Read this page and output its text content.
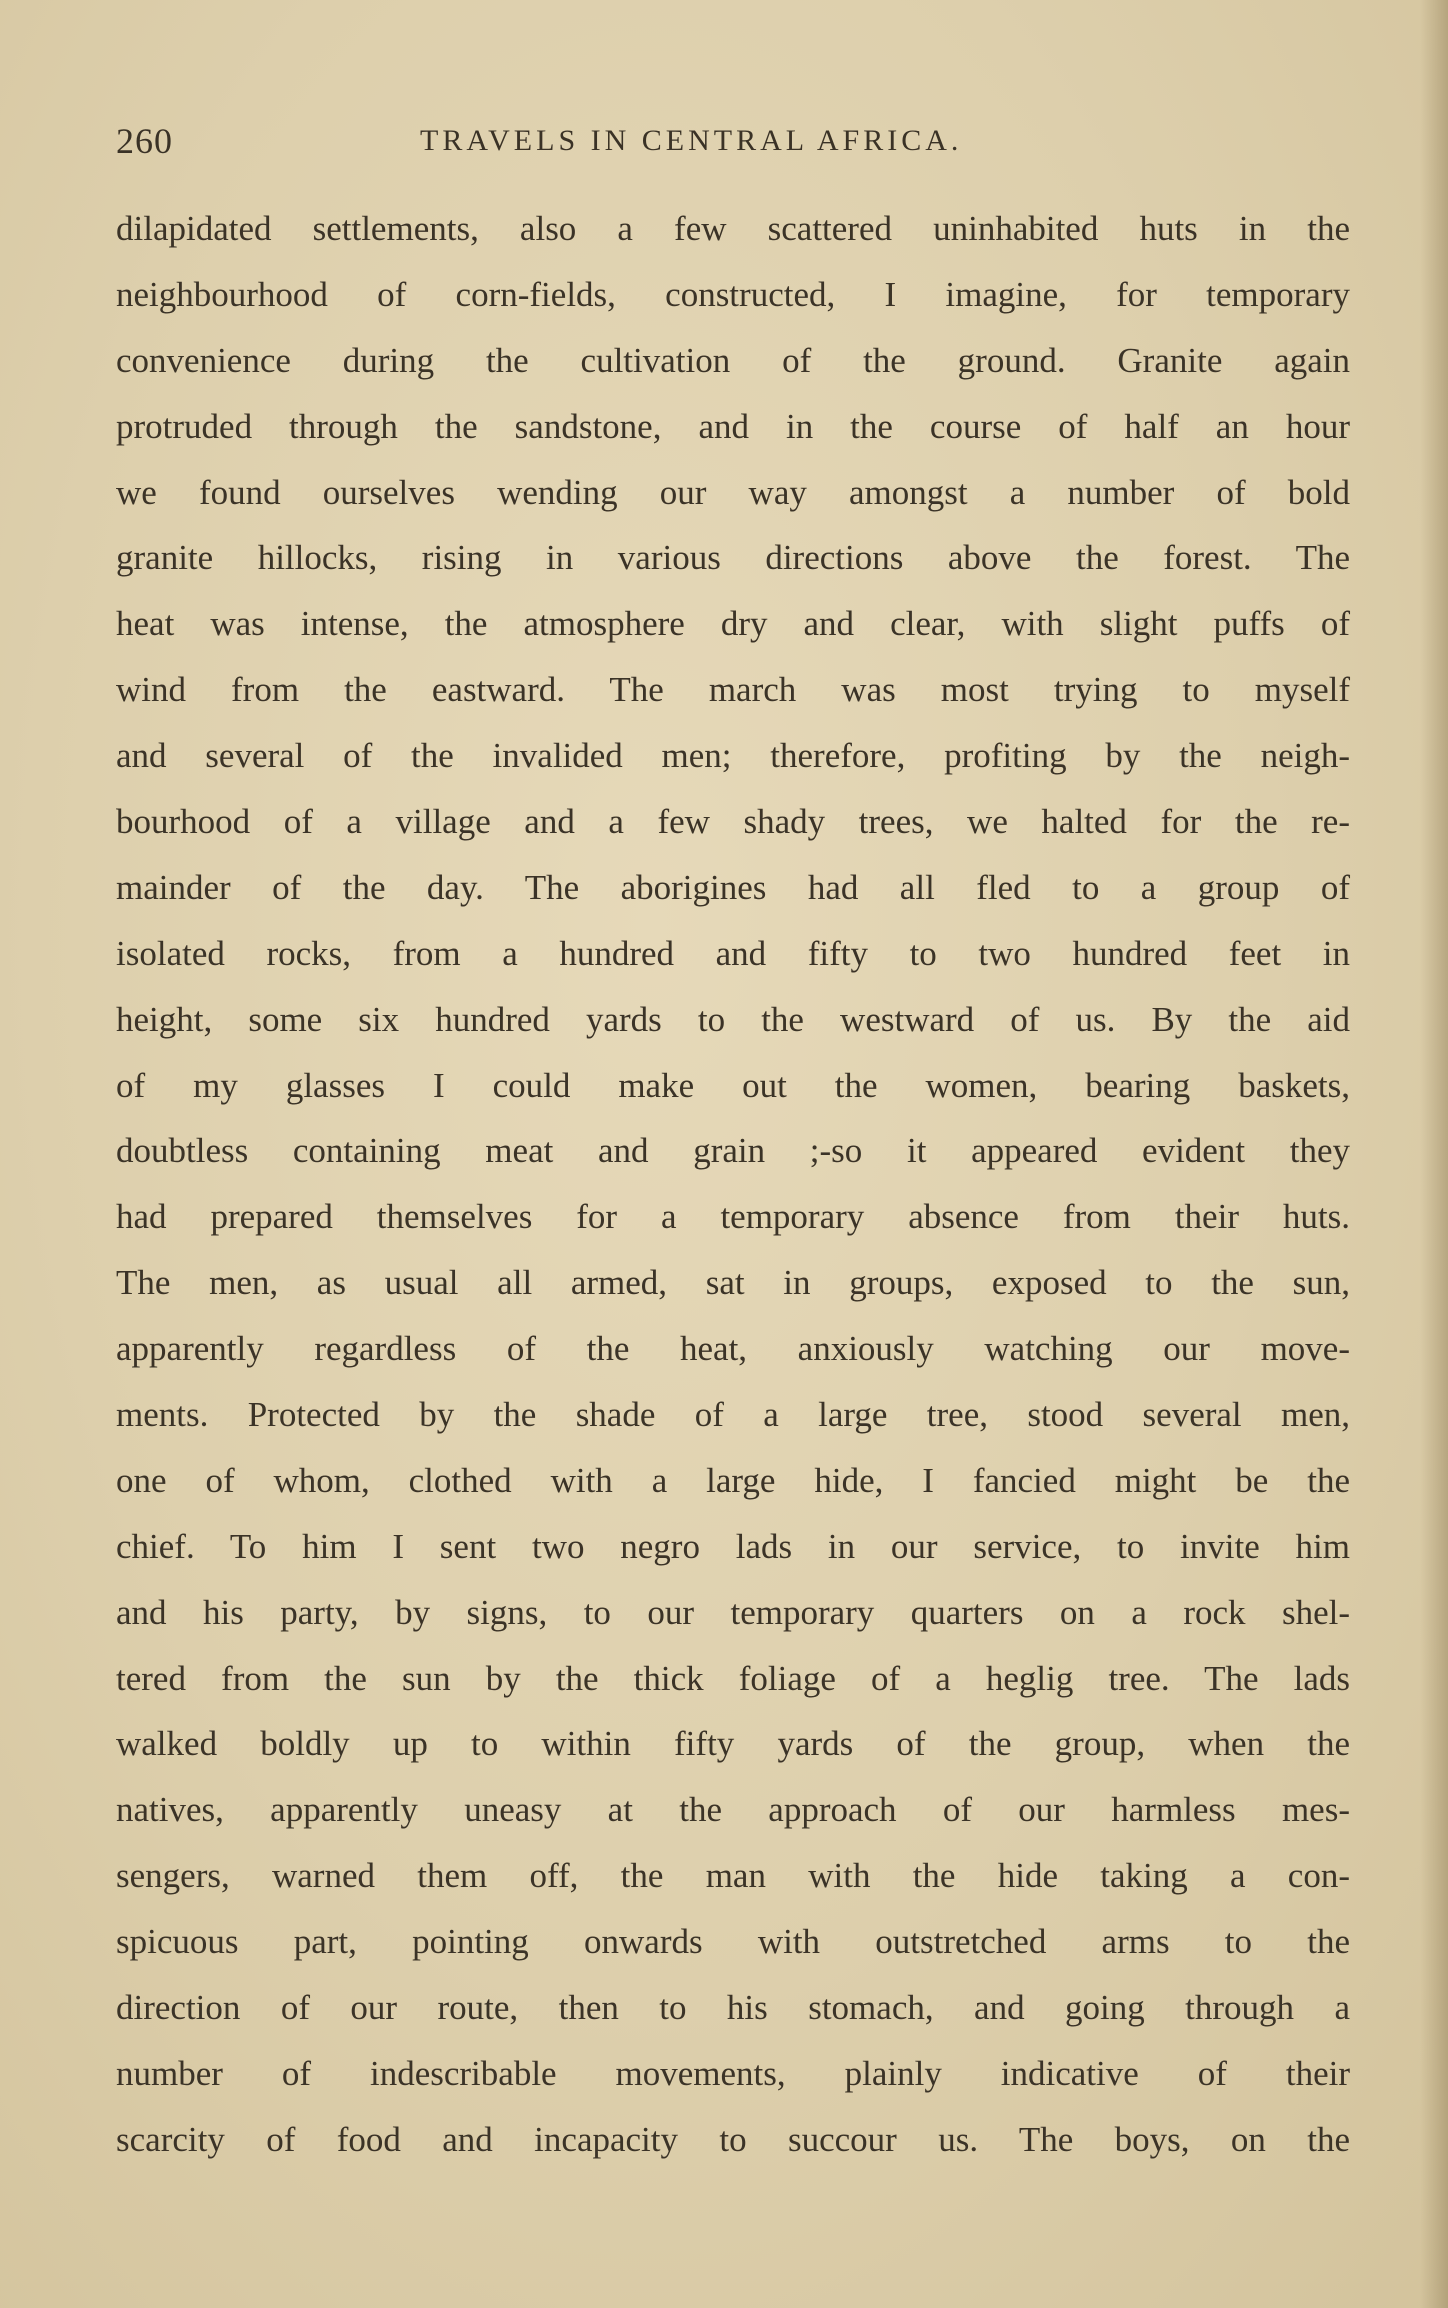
260	TRAVELS IN CENTRAL AFRICA.
dilapidated settlements, also a few scattered uninhabited huts in the
neighbourhood of corn-fields, constructed, I imagine, for temporary
convenience during the cultivation of the ground. Granite again
protruded through the sandstone, and in the course of half an hour
we found ourselves wending our way amongst a number of bold
granite hillocks, rising in various directions above the forest. The
heat was intense, the atmosphere dry and clear, with slight puffs of
wind from the eastward. The march was most trying to myself
and several of the invalided men; therefore, profiting by the neigh-
bourhood of a village and a few shady trees, we halted for the re-
mainder of the day. The aborigines had all fled to a group of
isolated rocks, from a hundred and fifty to two hundred feet in
height, some six hundred yards to the westward of us. By the aid
of my glasses I could make out the women, bearing baskets,
doubtless containing meat and grain ;-so it appeared evident they
had prepared themselves for a temporary absence from their huts.
The men, as usual all armed, sat in groups, exposed to the sun,
apparently regardless of the heat, anxiously watching our move-
ments. Protected by the shade of a large tree, stood several men,
one of whom, clothed with a large hide, I fancied might be the
chief. To him I sent two negro lads in our service, to invite him
and his party, by signs, to our temporary quarters on a rock shel-
tered from the sun by the thick foliage of a heglig tree. The lads
walked boldly up to within fifty yards of the group, when the
natives, apparently uneasy at the approach of our harmless mes-
sengers, warned them off, the man with the hide taking a con-
spicuous part, pointing onwards with outstretched arms to the
direction of our route, then to his stomach, and going through a
number of indescribable movements, plainly indicative of their
scarcity of food and incapacity to succour us. The boys, on the
